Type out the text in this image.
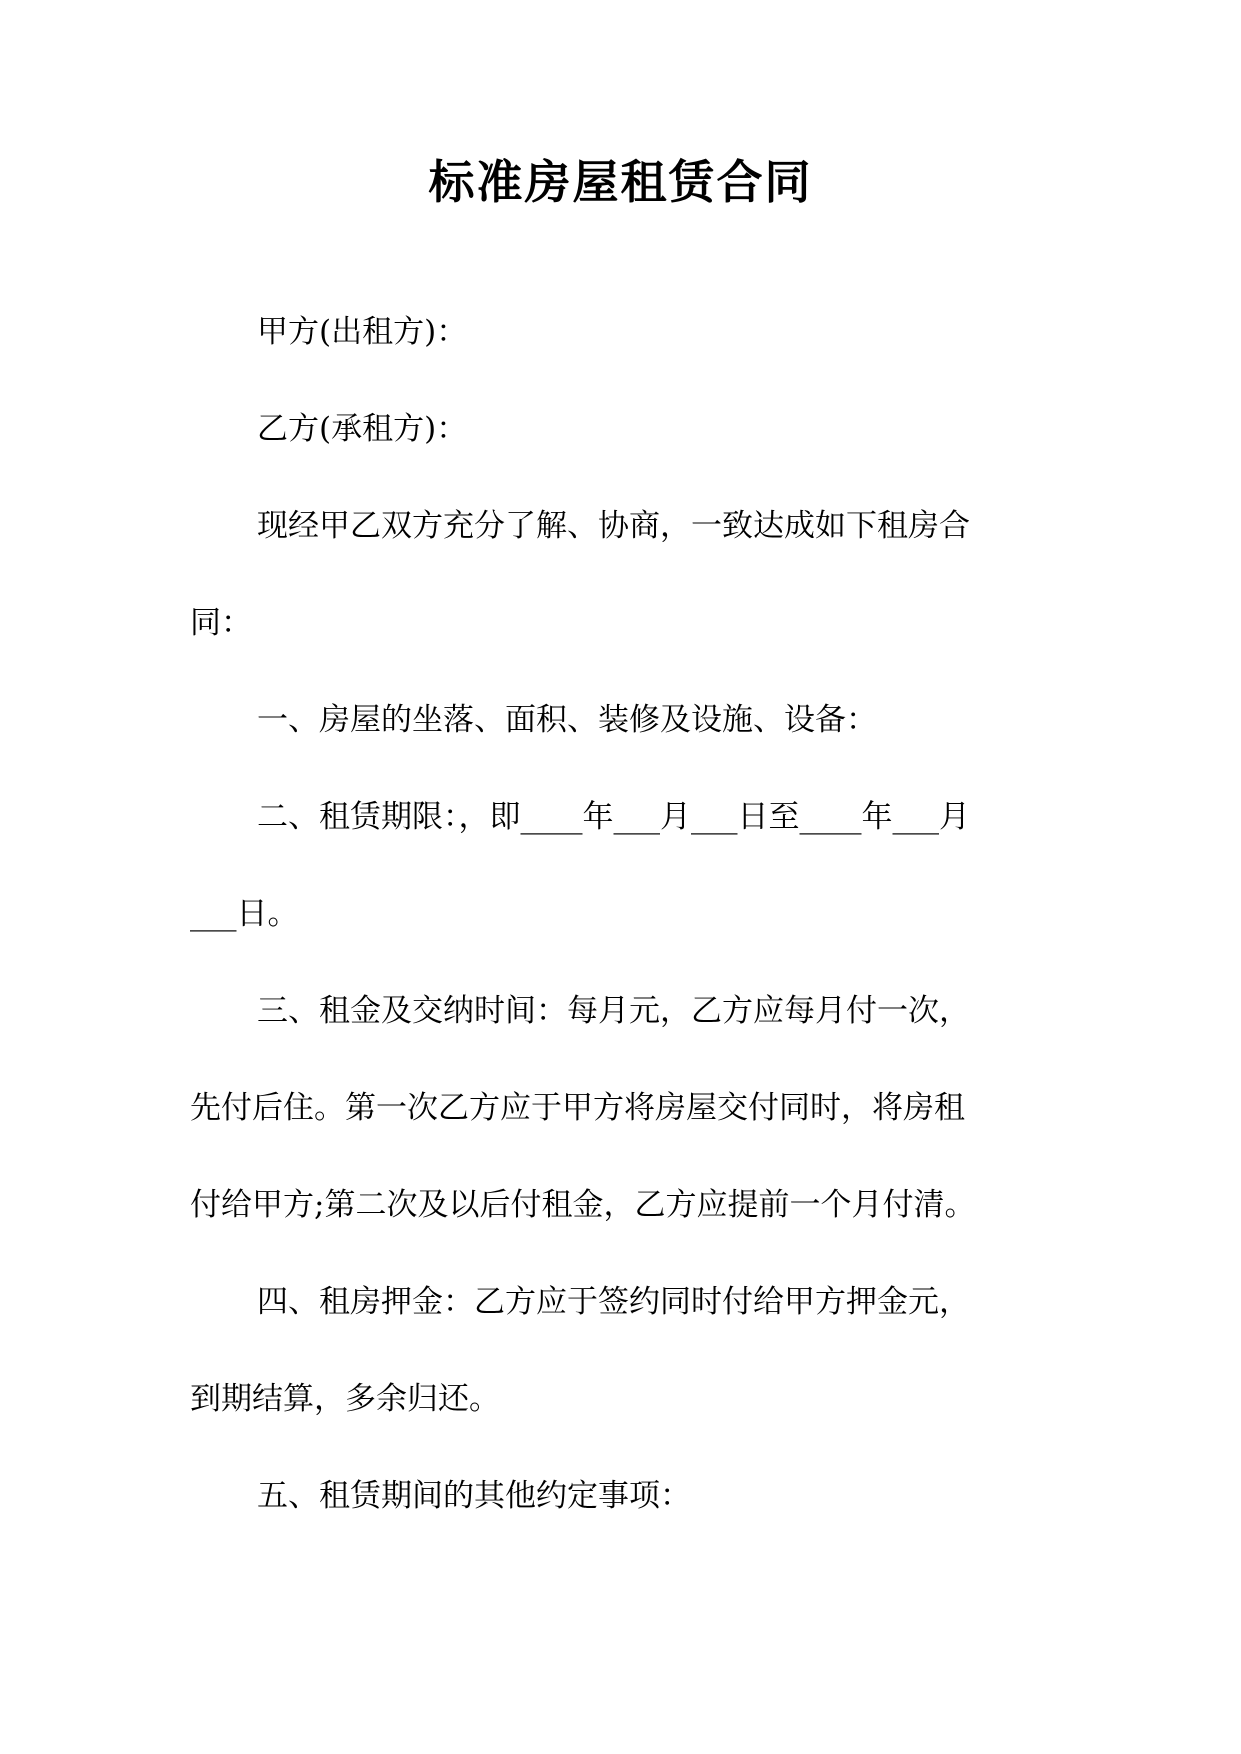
标准房屋租赁合同

甲方(出租方)：

乙方(承租方)：

现经甲乙双方充分了解、协商，一致达成如下租房合

同：

一、房屋的坐落、面积、装修及设施、设备：

二、租赁期限：，即____年___月___日至____年___月

___日。

三、租金及交纳时间：每月元，乙方应每月付一次，

先付后住。第一次乙方应于甲方将房屋交付同时，将房租

付给甲方;第二次及以后付租金，乙方应提前一个月付清。

四、租房押金：乙方应于签约同时付给甲方押金元，

到期结算，多余归还。

五、租赁期间的其他约定事项：
